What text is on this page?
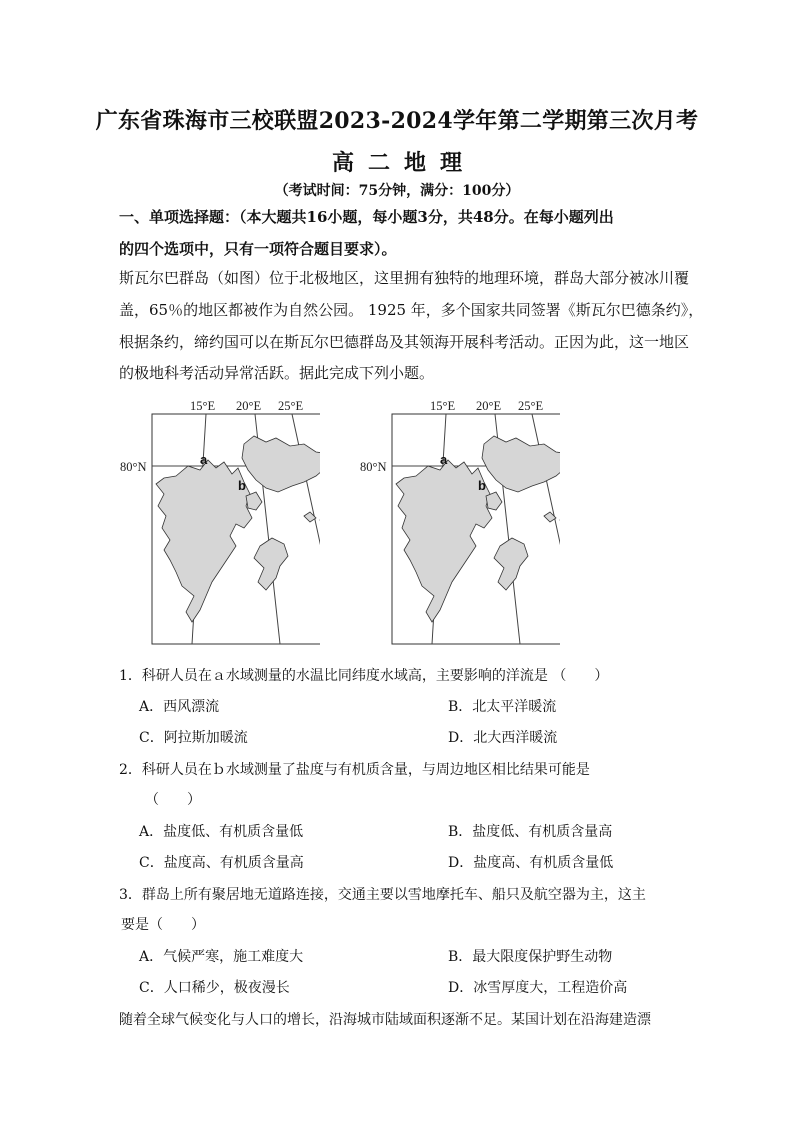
广东省珠海市三校联盟2023-2024学年第二学期第三次月考
高二地理
（考试时间：75分钟，满分：100分）
一、单项选择题：（本大题共16小题，每小题3分，共48分。在每小题列出
的四个选项中，只有一项符合题目要求）。
斯瓦尔巴群岛（如图）位于北极地区，这里拥有独特的地理环境，群岛大部分被冰川覆
盖，65％的地区都被作为自然公园。 1925 年，多个国家共同签署《斯瓦尔巴德条约》，
根据条约，缔约国可以在斯瓦尔巴德群岛及其领海开展科考活动。正因为此，这一地区
的极地科考活动异常活跃。据此完成下列小题。
15°E 20°E 25°E
80°N	a
b
15°E 20°E 25°E
80°N	a
b
1．科研人员在ａ水域测量的水温比同纬度水域高，主要影响的洋流是 （　　）
A．西风漂流	B．北太平洋暖流
C．阿拉斯加暖流	D．北大西洋暖流
2．科研人员在ｂ水域测量了盐度与有机质含量，与周边地区相比结果可能是
（　　）
A．盐度低、有机质含量低	B．盐度低、有机质含量高
C．盐度高、有机质含量高	D．盐度高、有机质含量低
3．群岛上所有聚居地无道路连接，交通主要以雪地摩托车、船只及航空器为主，这主
要是（　　）
A．气候严寒，施工难度大	B．最大限度保护野生动物
C．人口稀少，极夜漫长	D．冰雪厚度大，工程造价高
随着全球气候变化与人口的增长，沿海城市陆域面积逐渐不足。某国计划在沿海建造漂
